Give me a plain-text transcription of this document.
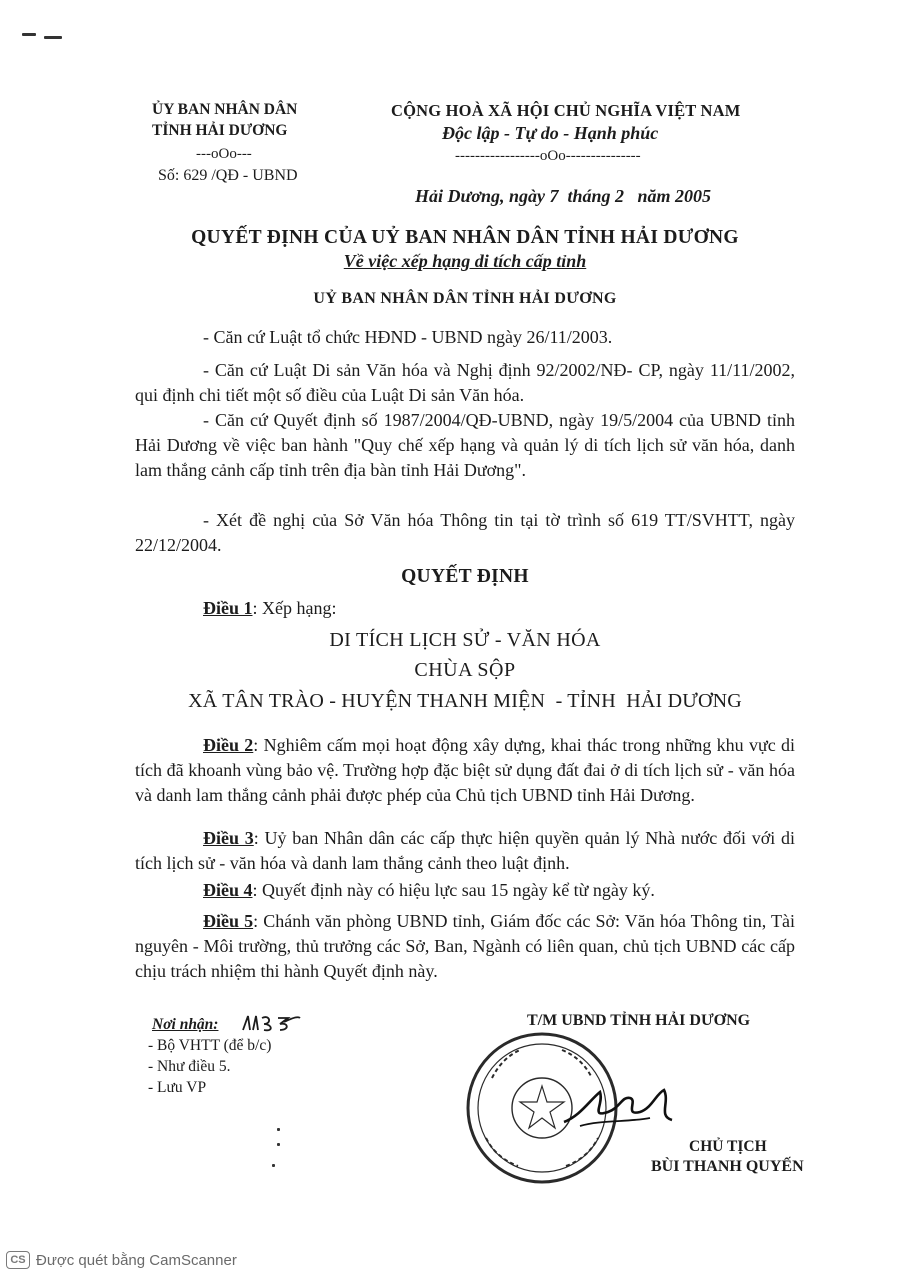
ỦY BAN NHÂN DÂN
TỈNH HẢI DƯƠNG
---oOo---
Số: 629 /QĐ - UBND
CỘNG HOÀ XÃ HỘI CHỦ NGHĨA VIỆT NAM
Độc lập - Tự do - Hạnh phúc
-----------------oOo---------------
Hải Dương, ngày 7  tháng 2   năm 2005
QUYẾT ĐỊNH CỦA UỶ BAN NHÂN DÂN TỈNH HẢI DƯƠNG
Về việc xếp hạng di tích cấp tỉnh
UỶ BAN NHÂN DÂN TỈNH HẢI DƯƠNG
- Căn cứ Luật tổ chức HĐND - UBND ngày 26/11/2003.
- Căn cứ Luật Di sản Văn hóa và Nghị định 92/2002/NĐ- CP, ngày 11/11/2002, qui định chi tiết một số điều của Luật Di sản Văn hóa.
- Căn cứ Quyết định số 1987/2004/QĐ-UBND, ngày 19/5/2004 của UBND tỉnh Hải Dương về việc ban hành "Quy chế xếp hạng và quản lý di tích lịch sử văn hóa, danh lam thắng cảnh cấp tỉnh trên địa bàn tỉnh Hải Dương".
- Xét đề nghị của Sở Văn hóa Thông tin tại tờ trình số 619 TT/SVHTT, ngày 22/12/2004.
QUYẾT ĐỊNH
Điều 1: Xếp hạng:
DI TÍCH LỊCH SỬ - VĂN HÓA
CHÙA SỘP
XÃ TÂN TRÀO - HUYỆN THANH MIỆN  - TỈNH  HẢI DƯƠNG
Điều 2: Nghiêm cấm mọi hoạt động xây dựng, khai thác trong những khu vực di tích đã khoanh vùng bảo vệ. Trường hợp đặc biệt sử dụng đất đai ở di tích lịch sử - văn hóa và danh lam thắng cảnh phải được phép của Chủ tịch UBND tỉnh Hải Dương.
Điều 3: Uỷ ban Nhân dân các cấp thực hiện quyền quản lý Nhà nước đối với di tích lịch sử - văn hóa và danh lam thắng cảnh theo luật định.
Điều 4: Quyết định này có hiệu lực sau 15 ngày kể từ ngày ký.
Điều 5: Chánh văn phòng UBND tỉnh, Giám đốc các Sở: Văn hóa Thông tin, Tài nguyên - Môi trường, thủ trưởng các Sở, Ban, Ngành có liên quan, chủ tịch UBND các cấp chịu trách nhiệm thi hành Quyết định này.
Nơi nhận:
- Bộ VHTT (để b/c)
- Như điều 5.
- Lưu VP
T/M UBND TỈNH HẢI DƯƠNG
CHỦ TỊCH
BÙI THANH QUYẾN
CS Được quét bằng CamScanner
